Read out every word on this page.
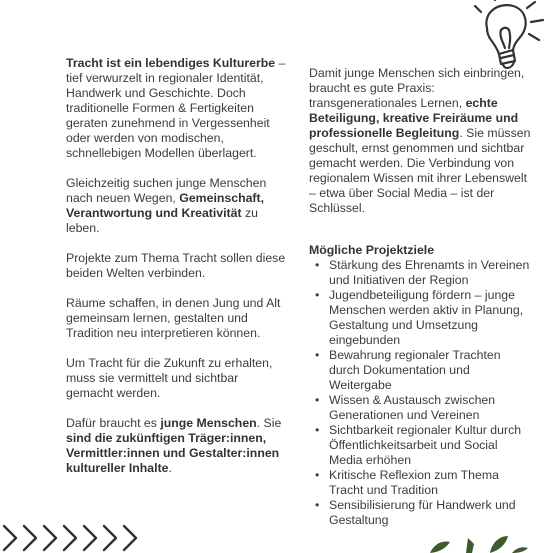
Tracht ist ein lebendiges Kulturerbe – tief verwurzelt in regionaler Identität, Handwerk und Geschichte. Doch traditionelle Formen & Fertigkeiten geraten zunehmend in Vergessenheit oder werden von modischen, schnellebigen Modellen überlagert.

Gleichzeitig suchen junge Menschen nach neuen Wegen, Gemeinschaft, Verantwortung und Kreativität zu leben.

Projekte zum Thema Tracht sollen diese beiden Welten verbinden.

Räume schaffen, in denen Jung und Alt gemeinsam lernen, gestalten und Tradition neu interpretieren können.

Um Tracht für die Zukunft zu erhalten, muss sie vermittelt und sichtbar gemacht werden.

Dafür braucht es junge Menschen. Sie sind die zukünftigen Träger:innen, Vermittler:innen und Gestalter:innen kultureller Inhalte.

Damit junge Menschen sich einbringen, braucht es gute Praxis: transgenerationales Lernen, echte Beteiligung, kreative Freiräume und professionelle Begleitung. Sie müssen geschult, ernst genommen und sichtbar gemacht werden. Die Verbindung von regionalem Wissen mit ihrer Lebenswelt – etwa über Social Media – ist der Schlüssel.

Mögliche Projektziele

• Stärkung des Ehrenamts in Vereinen und Initiativen der Region
• Jugendbeteiligung fördern – junge Menschen werden aktiv in Planung, Gestaltung und Umsetzung eingebunden
• Bewahrung regionaler Trachten durch Dokumentation und Weitergabe
• Wissen & Austausch zwischen Generationen und Vereinen
• Sichtbarkeit regionaler Kultur durch Öffentlichkeitsarbeit und Social Media erhöhen
• Kritische Reflexion zum Thema Tracht und Tradition
• Sensibilisierung für Handwerk und Gestaltung
